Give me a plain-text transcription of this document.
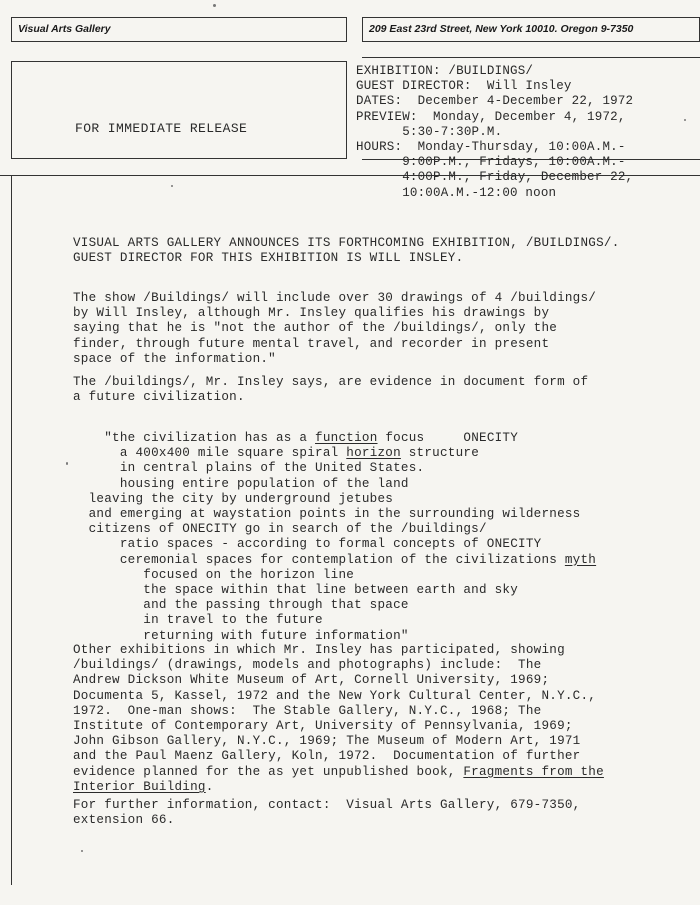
Visual Arts Gallery	209 East 23rd Street, New York 10010. Oregon 9-7350
FOR IMMEDIATE RELEASE
EXHIBITION: /BUILDINGS/
GUEST DIRECTOR:  Will Insley
DATES:  December 4-December 22, 1972
PREVIEW:  Monday, December 4, 1972,
5:30-7:30P.M.
HOURS:  Monday-Thursday, 10:00A.M.-
9:00P.M., Fridays, 10:00A.M.-
4:00P.M., Friday, December 22,
10:00A.M.-12:00 noon

VISUAL ARTS GALLERY ANNOUNCES ITS FORTHCOMING EXHIBITION, /BUILDINGS/.

GUEST DIRECTOR FOR THIS EXHIBITION IS WILL INSLEY.

The show /Buildings/ will include over 30 drawings of 4 /buildings/

by Will Insley, although Mr. Insley qualifies his drawings by

saying that he is "not the author of the /buildings/, only the

finder, through future mental travel, and recorder in present

space of the information."

The /buildings/, Mr. Insley says, are evidence in document form of

a future civilization.

"the civilization has as a function focus     ONECITY

a 400x400 mile square spiral horizon structure

in central plains of the United States.

housing entire population of the land

leaving the city by underground jetubes

and emerging at waystation points in the surrounding wilderness

citizens of ONECITY go in search of the /buildings/

ratio spaces - according to formal concepts of ONECITY

ceremonial spaces for contemplation of the civilizations myth

focused on the horizon line

the space within that line between earth and sky

and the passing through that space

in travel to the future

returning with future information"

Other exhibitions in which Mr. Insley has participated, showing

/buildings/ (drawings, models and photographs) include:  The

Andrew Dickson White Museum of Art, Cornell University, 1969;

Documenta 5, Kassel, 1972 and the New York Cultural Center, N.Y.C.,

1972.  One-man shows:  The Stable Gallery, N.Y.C., 1968; The

Institute of Contemporary Art, University of Pennsylvania, 1969;

John Gibson Gallery, N.Y.C., 1969; The Museum of Modern Art, 1971

and the Paul Maenz Gallery, Koln, 1972.  Documentation of further

evidence planned for the as yet unpublished book, Fragments from the

Interior Building.

For further information, contact:  Visual Arts Gallery, 679-7350,

extension 66.
